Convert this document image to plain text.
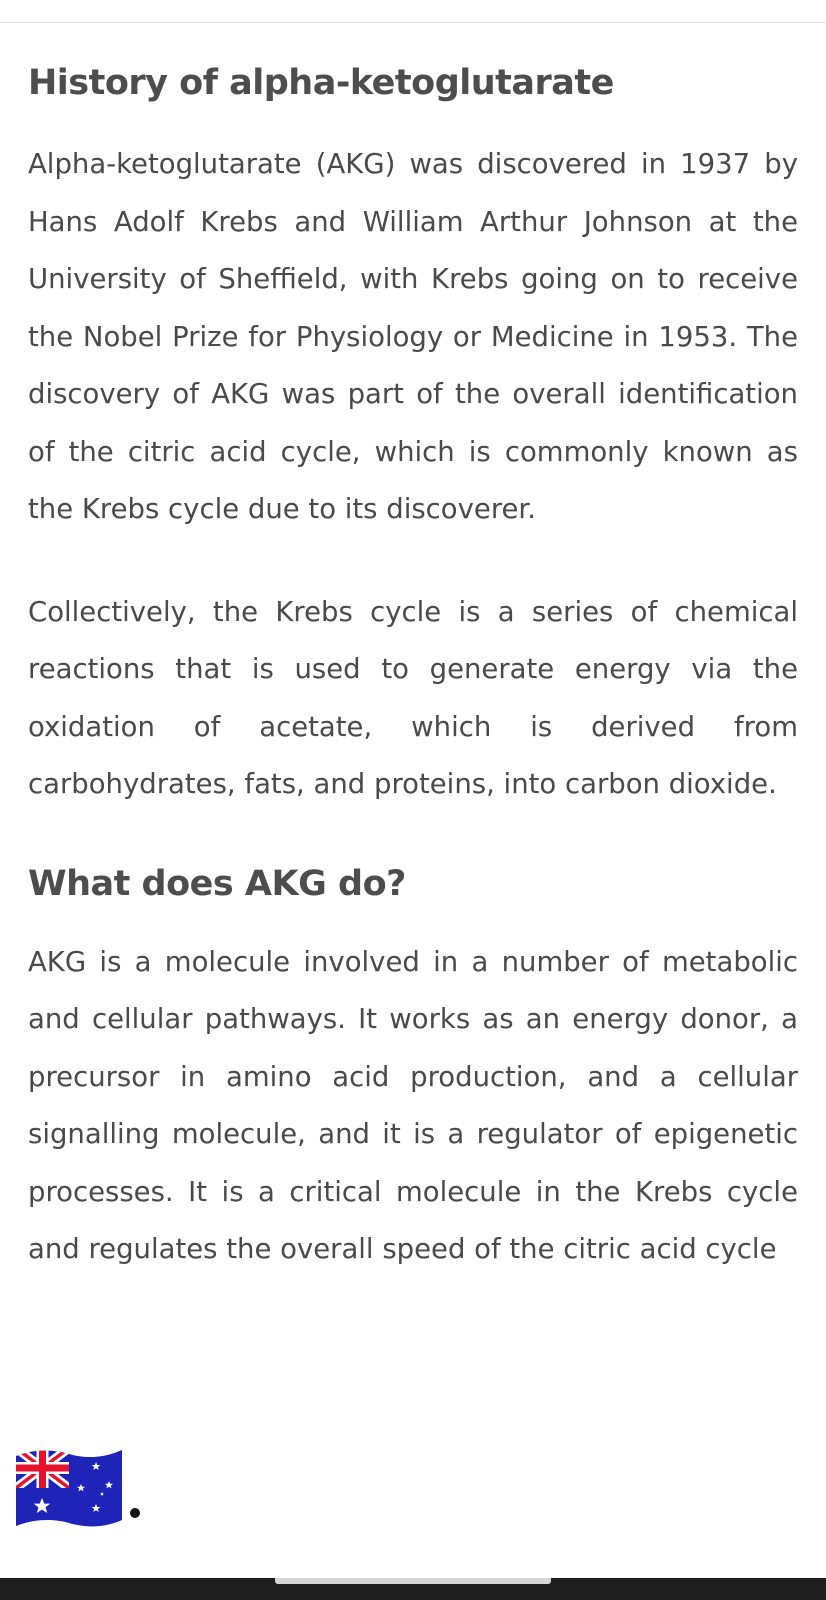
History of alpha-ketoglutarate

Alpha-ketoglutarate (AKG) was discovered in 1937 by Hans Adolf Krebs and William Arthur Johnson at the University of Sheffield, with Krebs going on to receive the Nobel Prize for Physiology or Medicine in 1953. The discovery of AKG was part of the overall identification of the citric acid cycle, which is commonly known as the Krebs cycle due to its discoverer.

Collectively, the Krebs cycle is a series of chemical reactions that is used to generate energy via the oxidation of acetate, which is derived from carbohydrates, fats, and proteins, into carbon dioxide.

What does AKG do?

AKG is a molecule involved in a number of metabolic and cellular pathways. It works as an energy donor, a precursor in amino acid production, and a cellular signalling molecule, and it is a regulator of epigenetic processes. It is a critical molecule in the Krebs cycle and regulates the overall speed of the citric acid cycle
